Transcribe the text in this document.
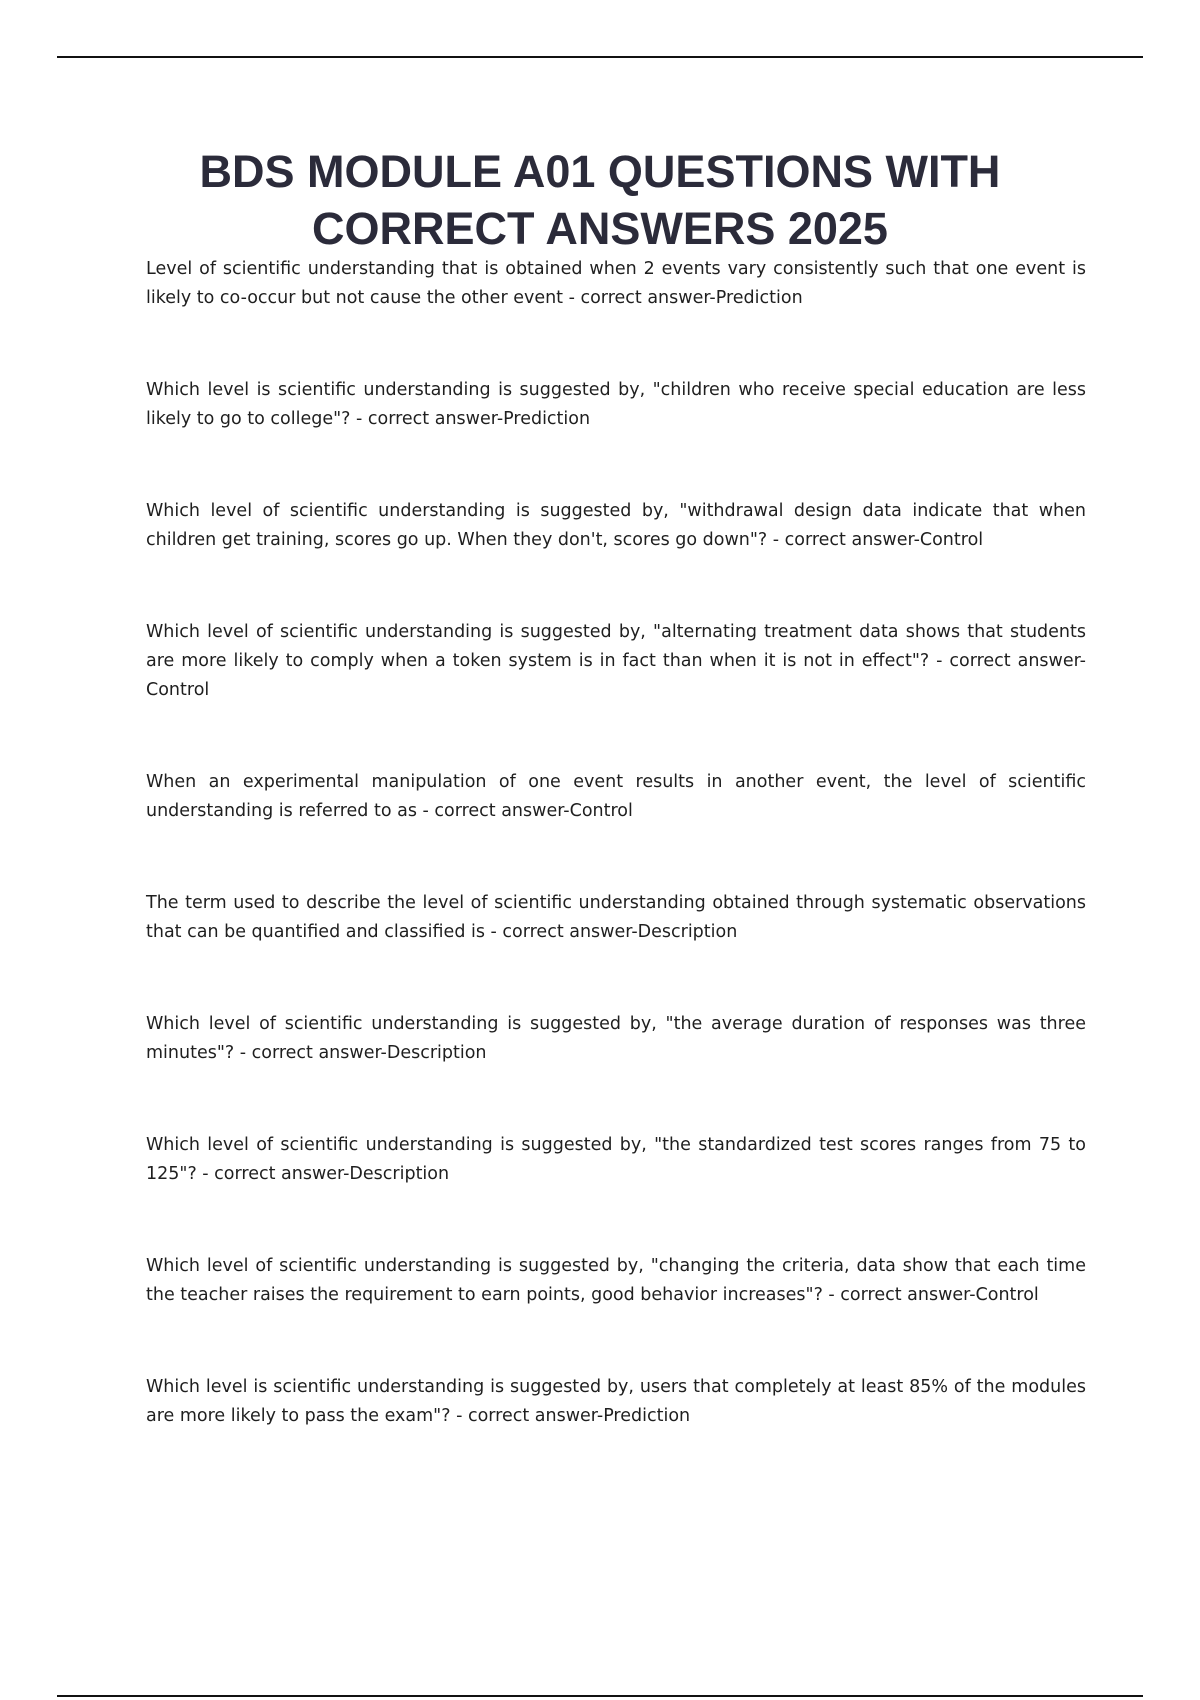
BDS MODULE A01 QUESTIONS WITH
CORRECT ANSWERS 2025
Level of scientific understanding that is obtained when 2 events vary consistently such that one event is likely to co-occur but not cause the other event - correct answer-Prediction
Which level is scientific understanding is suggested by, "children who receive special education are less likely to go to college"? - correct answer-Prediction
Which level of scientific understanding is suggested by, "withdrawal design data indicate that when children get training, scores go up. When they don't, scores go down"? - correct answer-Control
Which level of scientific understanding is suggested by, "alternating treatment data shows that students are more likely to comply when a token system is in fact than when it is not in effect"? - correct answer-Control
When an experimental manipulation of one event results in another event, the level of scientific understanding is referred to as - correct answer-Control
The term used to describe the level of scientific understanding obtained through systematic observations that can be quantified and classified is - correct answer-Description
Which level of scientific understanding is suggested by, "the average duration of responses was three minutes"? - correct answer-Description
Which level of scientific understanding is suggested by, "the standardized test scores ranges from 75 to 125"? - correct answer-Description
Which level of scientific understanding is suggested by, "changing the criteria, data show that each time the teacher raises the requirement to earn points, good behavior increases"? - correct answer-Control
Which level is scientific understanding is suggested by, users that completely at least 85% of the modules are more likely to pass the exam"? - correct answer-Prediction
